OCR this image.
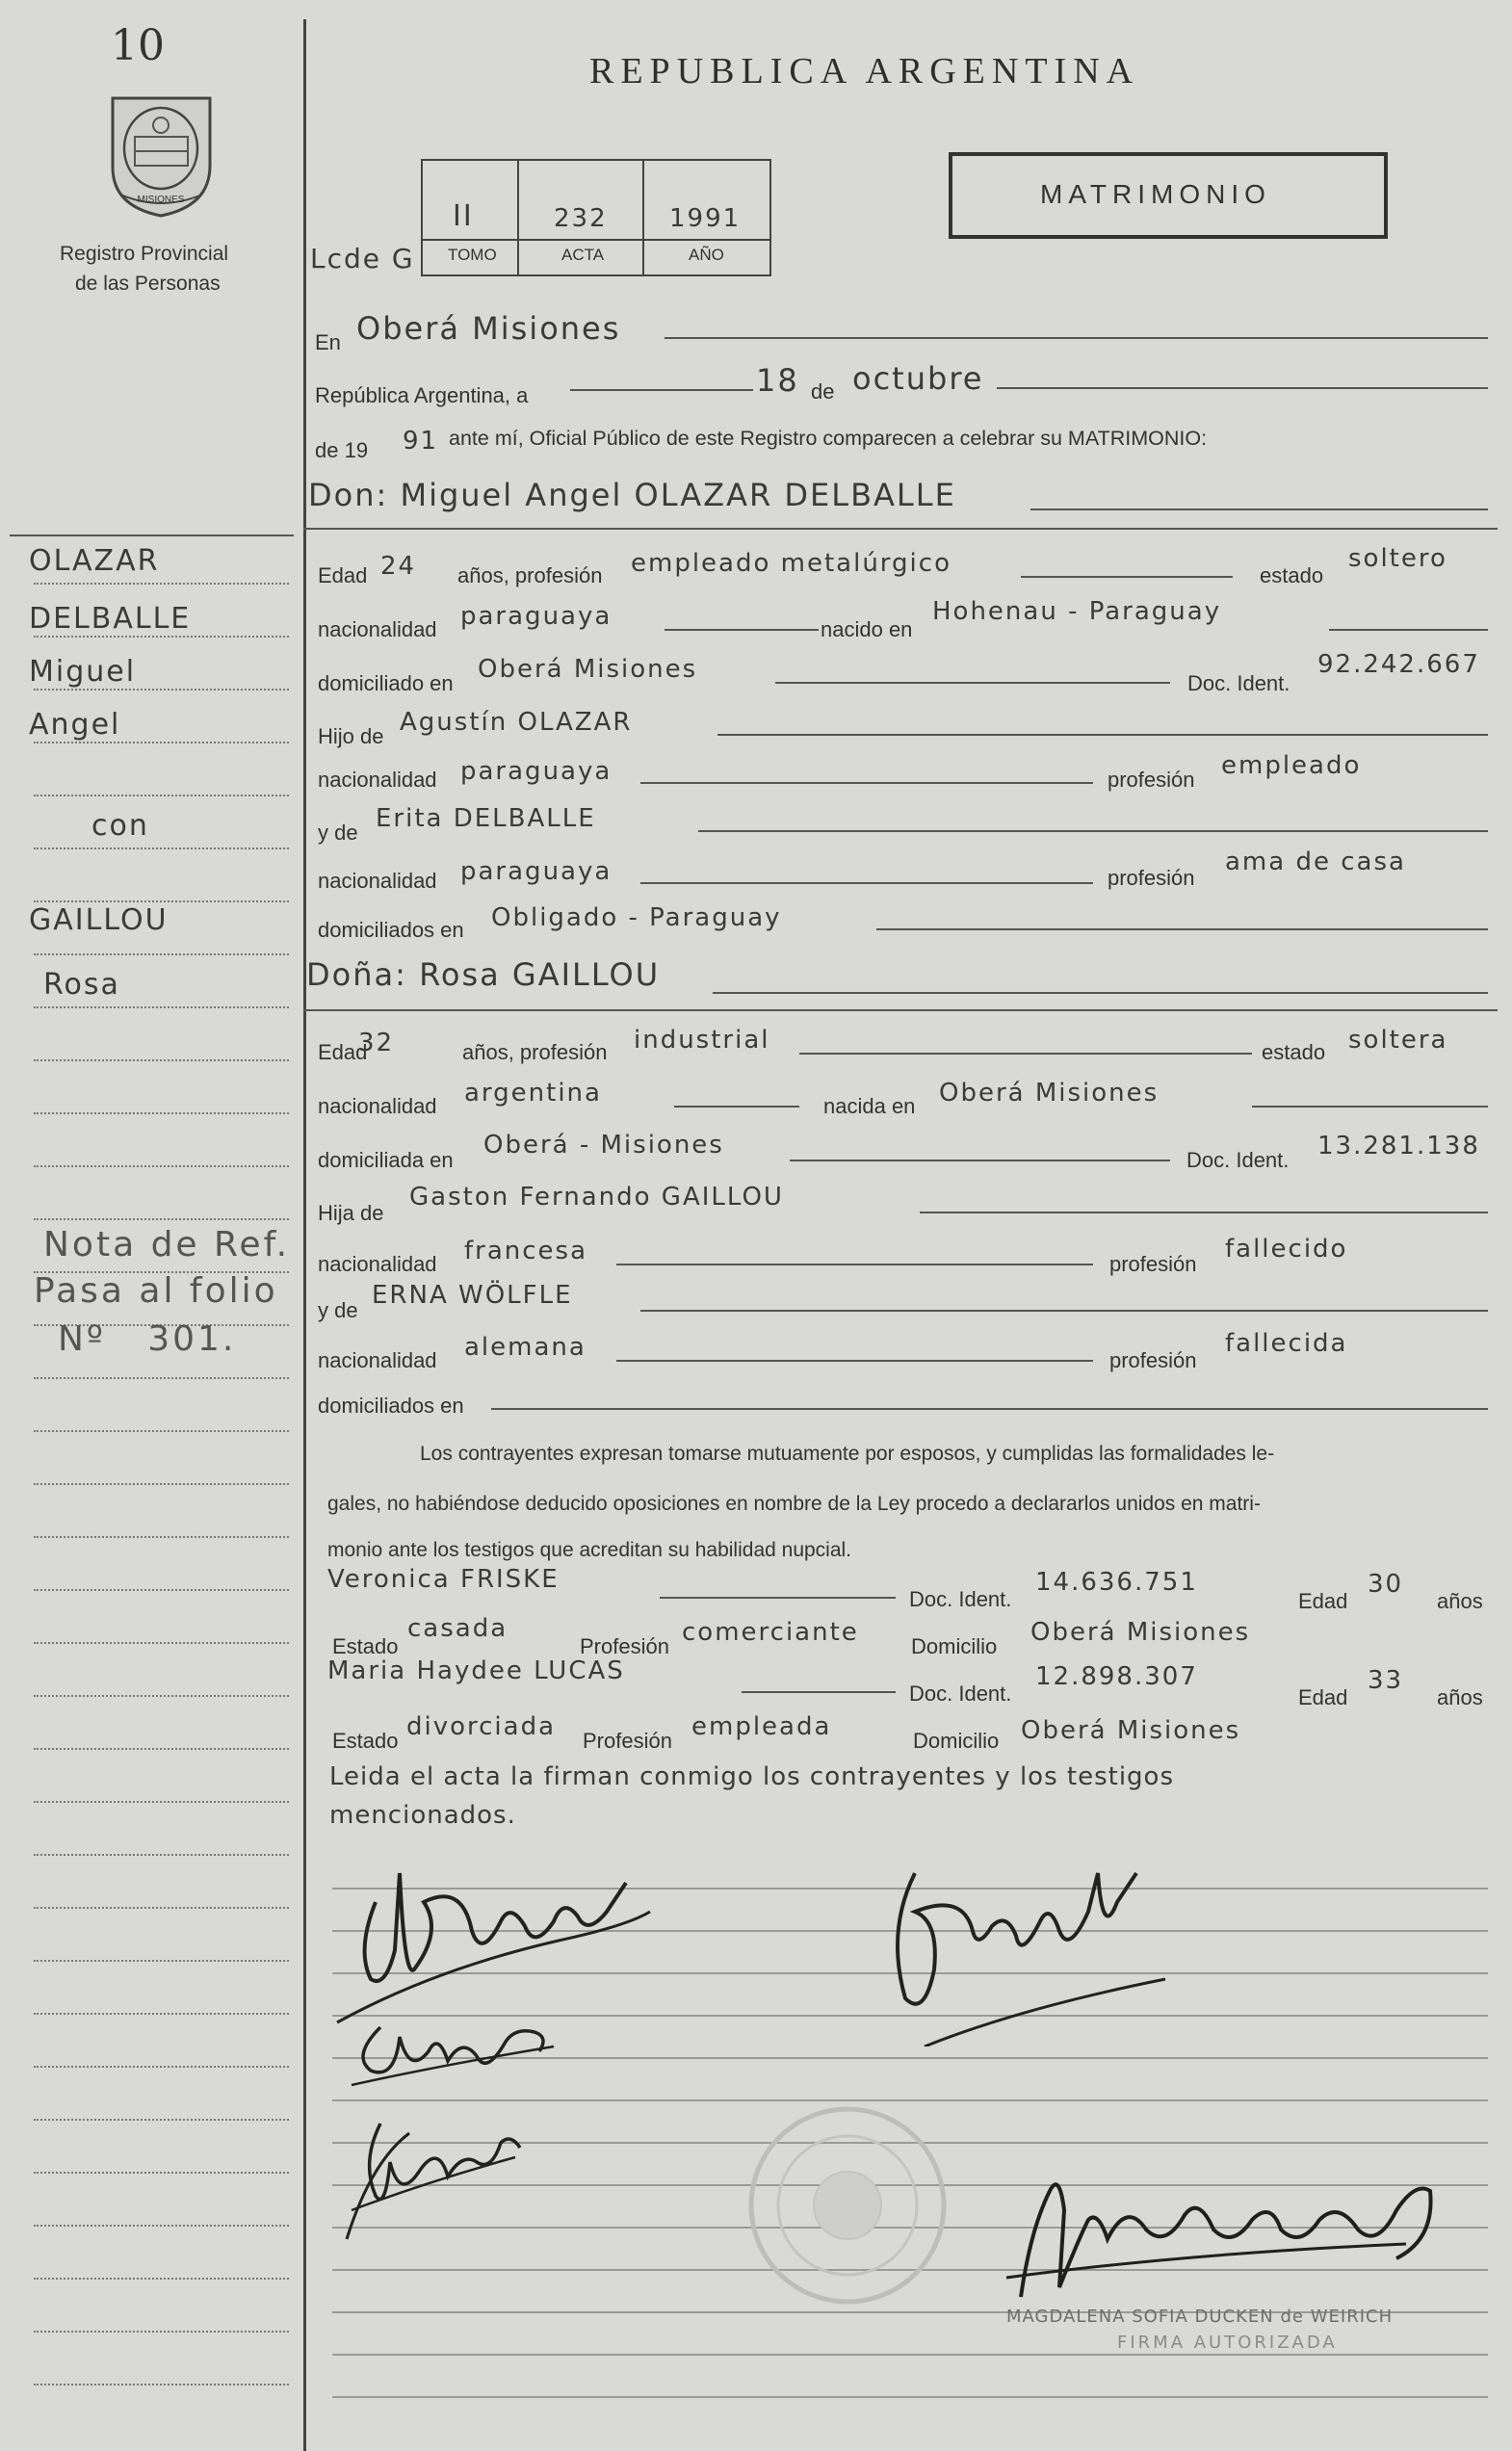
10
MISIONES
Registro Provincial
de las Personas
REPUBLICA ARGENTINA
MATRIMONIO
Lcde G
II	232 1991
TOMO	ACTA	AÑO
En Oberá Misiones
República Argentina, a	18 de octubre
de 19 91 ante mí, Oficial Público de este Registro comparecen a celebrar su MATRIMONIO:
Don: Miguel Angel OLAZAR DELBALLE
Edad 24 años, profesión empleado metalúrgico	estado
soltero
nacionalidad paraguaya	nacido en
Hohenau - Paraguay
domiciliado en Oberá Misiones	Doc. Ident.
92.242.667
Hijo de Agustín OLAZAR
nacionalidad paraguaya	profesión empleado
y de Erita DELBALLE
nacionalidad paraguaya	profesión
ama de casa
domiciliados en Obligado - Paraguay
Doña: Rosa GAILLOU
Edad
32	años, profesión industrial	estado soltera
nacionalidad argentina	nacida en Oberá Misiones
domiciliada en
Oberá - Misiones
Doc. Ident. 13.281.138
Hija de
Gaston Fernando GAILLOU
nacionalidad francesa	profesión
fallecido
y de
ERNA WÖLFLE
nacionalidad alemana	profesión
fallecida
domiciliados en
Los contrayentes expresan tomarse mutuamente por esposos, y cumplidas las formalidades le-
gales, no habiéndose deducido oposiciones en nombre de la Ley procedo a declararlos unidos en matri-
monio ante los testigos que acreditan su habilidad nupcial.
Veronica FRISKE
Doc. Ident.
14.636.751
Edad
30
años
Estado
casada
Profesión comerciante Domicilio Oberá Misiones
Maria Haydee LUCAS
Doc. Ident.
12.898.307
Edad
33
años
Estado divorciada Profesión empleada	Domicilio Oberá Misiones
Leida el acta la firman conmigo los contrayentes y los testigos
mencionados.
MAGDALENA SOFIA DUCKEN de WEIRICH
FIRMA AUTORIZADA
OLAZAR
DELBALLE
Miguel
Angel
con
GAILLOU
Rosa
Nota de Ref.
Pasa al folio
Nº   301.
